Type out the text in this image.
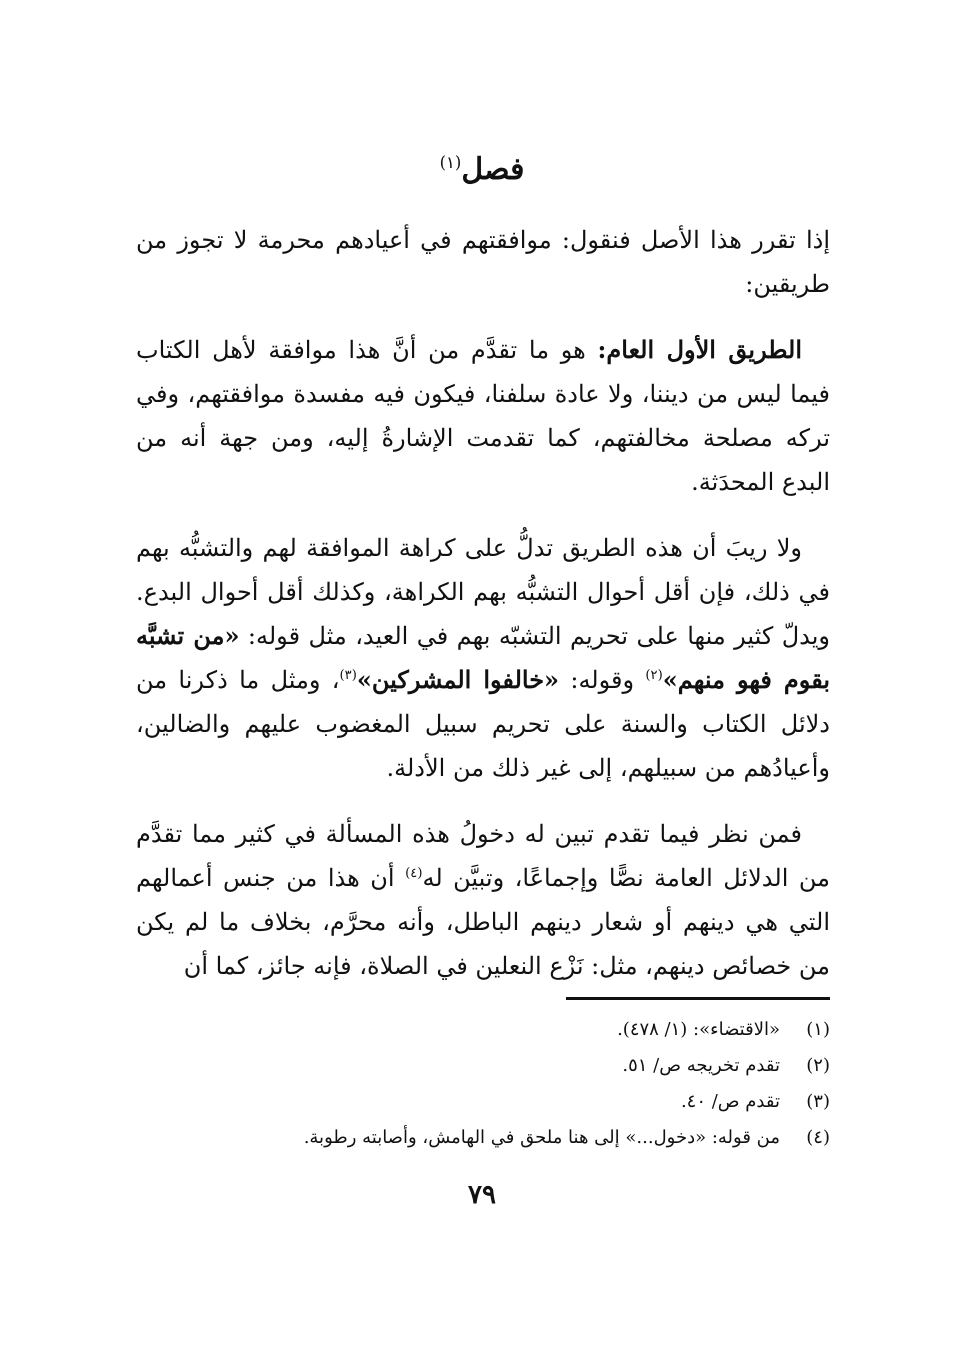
فصل$^{(١)}$

إذا تقرر هذا الأصل فنقول: موافقتهم في أعيادهم محرمة لا تجوز من طريقين:

الطريق الأول العام: هو ما تقدَّم من أنَّ هذا موافقة لأهل الكتاب فيما ليس من ديننا، ولا عادة سلفنا، فيكون فيه مفسدة موافقتهم، وفي تركه مصلحة مخالفتهم، كما تقدمت الإشارةُ إليه، ومن جهة أنه من البدع المحدَثة.

ولا ريبَ أن هذه الطريق تدلُّ على كراهة الموافقة لهم والتشبُّه بهم في ذلك، فإن أقل أحوال التشبُّه بهم الكراهة، وكذلك أقل أحوال البدع. ويدلّ كثير منها على تحريم التشبّه بهم في العيد، مثل قوله: «من تشبَّه بقوم فهو منهم»$^{(٢)}$ وقوله: «خالفوا المشركين»$^{(٣)}$، ومثل ما ذكرنا من دلائل الكتاب والسنة على تحريم سبيل المغضوب عليهم والضالين، وأعيادُهم من سبيلهم، إلى غير ذلك من الأدلة.

فمن نظر فيما تقدم تبين له دخولُ هذه المسألة في كثير مما تقدَّم من الدلائل العامة نصًّا وإجماعًا، وتبيَّن له$^{(٤)}$ أن هذا من جنس أعمالهم التي هي دينهم أو شعار دينهم الباطل، وأنه محرَّم، بخلاف ما لم يكن من خصائص دينهم، مثل: نَزْع النعلين في الصلاة، فإنه جائز، كما أن

(١)
«الاقتضاء»: (١/ ٤٧٨).
(٢)
تقدم تخريجه ص/ ٥١.
(٣)
تقدم ص/ ٤٠.
(٤)
من قوله: «دخول...» إلى هنا ملحق في الهامش، وأصابته رطوبة.
٧٩
